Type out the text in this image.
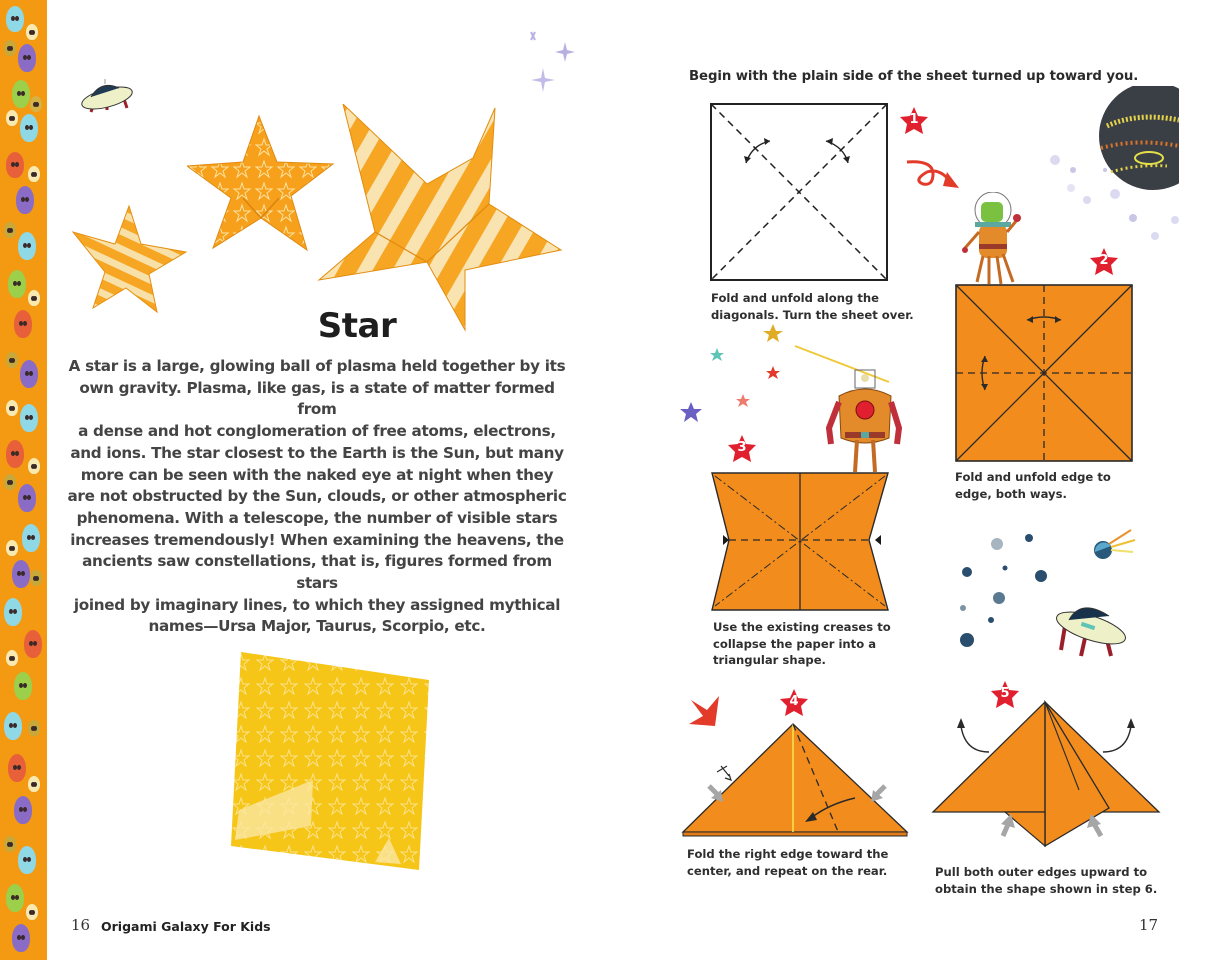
Star
A star is a large, glowing ball of plasma held together by its
own gravity. Plasma, like gas, is a state of matter formed from
a dense and hot conglomeration of free atoms, electrons,
and ions. The star closest to the Earth is the Sun, but many
more can be seen with the naked eye at night when they
are not obstructed by the Sun, clouds, or other atmospheric
phenomena. With a telescope, the number of visible stars
increases tremendously! When examining the heavens, the
ancients saw constellations, that is, figures formed from stars
joined by imaginary lines, to which they assigned mythical
names—Ursa Major, Taurus, Scorpio, etc.
16 Origami Galaxy For Kids
Begin with the plain side of the sheet turned up toward you.
1
Fold and unfold along the
diagonals. Turn the sheet over.
2
Fold and unfold edge to
edge, both ways.
3
Use the existing creases to
collapse the paper into a
triangular shape.
4
Fold the right edge toward the
center, and repeat on the rear.
5
Pull both outer edges upward to
obtain the shape shown in step 6.
17
